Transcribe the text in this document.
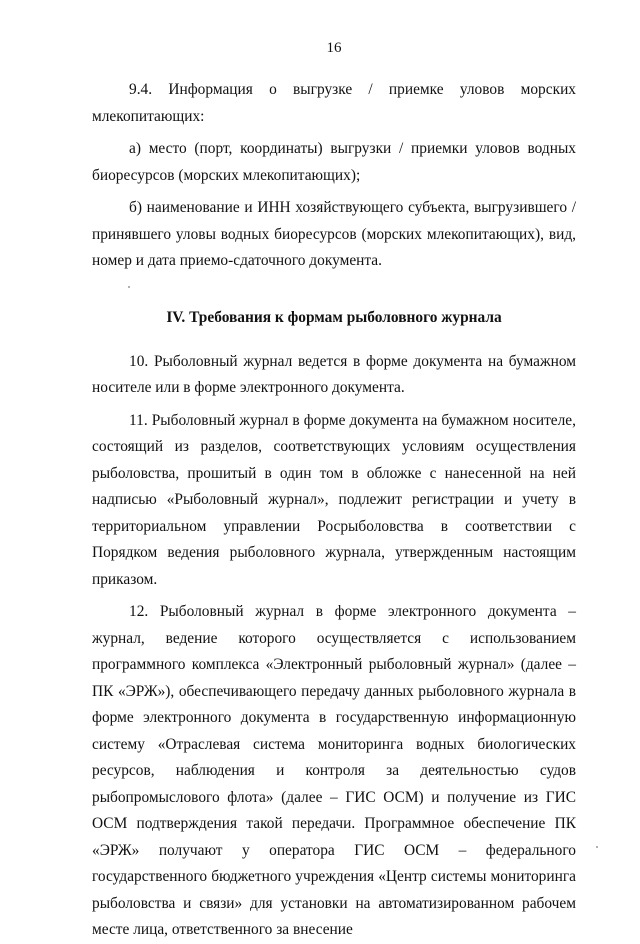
16

9.4. Информация о выгрузке / приемке уловов морских млекопитающих:

а) место (порт, координаты) выгрузки / приемки уловов водных биоресурсов (морских млекопитающих);

б) наименование и ИНН хозяйствующего субъекта, выгрузившего / принявшего уловы водных биоресурсов (морских млекопитающих), вид, номер и дата приемо-сдаточного документа.

IV. Требования к формам рыболовного журнала

10. Рыболовный журнал ведется в форме документа на бумажном носителе или в форме электронного документа.

11. Рыболовный журнал в форме документа на бумажном носителе, состоящий из разделов, соответствующих условиям осуществления рыболовства, прошитый в один том в обложке с нанесенной на ней надписью «Рыболовный журнал», подлежит регистрации и учету в территориальном управлении Росрыболовства в соответствии с Порядком ведения рыболовного журнала, утвержденным настоящим приказом.

12. Рыболовный журнал в форме электронного документа – журнал, ведение которого осуществляется с использованием программного комплекса «Электронный рыболовный журнал» (далее – ПК «ЭРЖ»), обеспечивающего передачу данных рыболовного журнала в форме электронного документа в государственную информационную систему «Отраслевая система мониторинга водных биологических ресурсов, наблюдения и контроля за деятельностью судов рыбопромыслового флота» (далее – ГИС ОСМ) и получение из ГИС ОСМ подтверждения такой передачи. Программное обеспечение ПК «ЭРЖ» получают у оператора ГИС ОСМ – федерального государственного бюджетного учреждения «Центр системы мониторинга рыболовства и связи» для установки на автоматизированном рабочем месте лица, ответственного за внесение
